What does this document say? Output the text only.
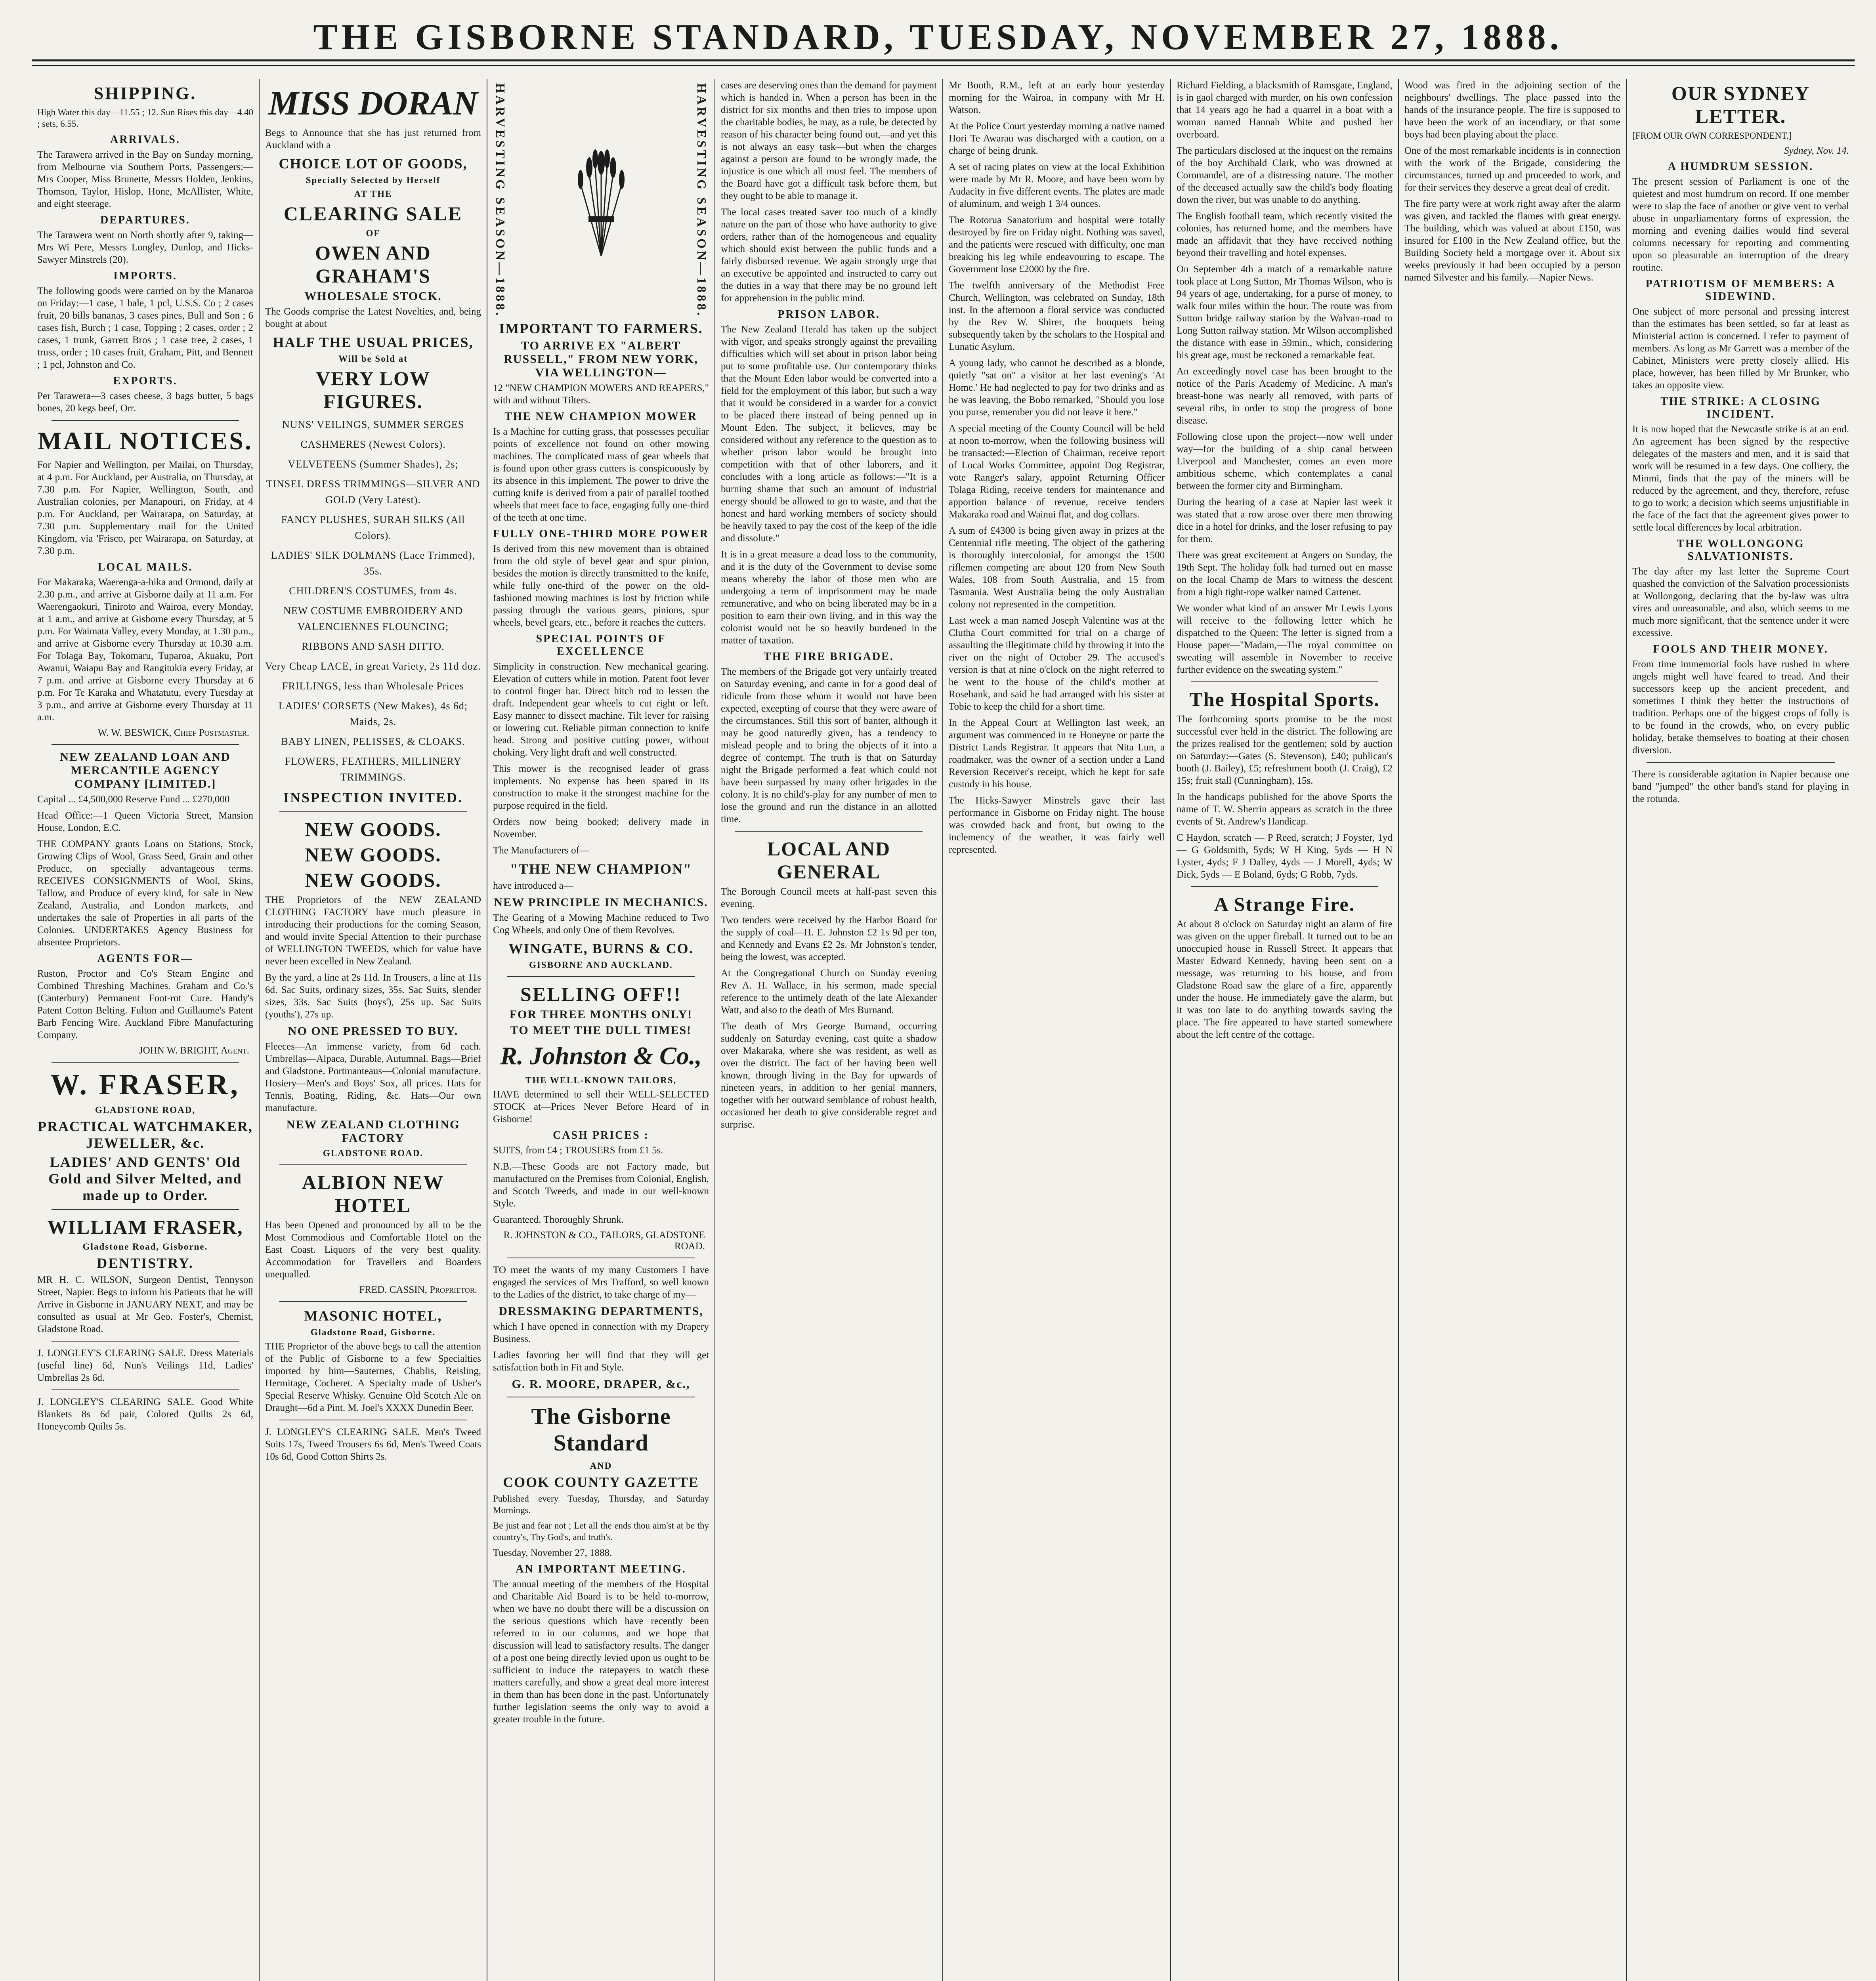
THE GISBORNE STANDARD, TUESDAY, NOVEMBER 27, 1888.
SHIPPING.
High Water this day—11.55 ; 12. Sun Rises this day—4.40 ; sets, 6.55.
ARRIVALS.
The Tarawera arrived in the Bay on Sunday morning, from Melbourne via Southern Ports. Passengers:—Mrs Cooper, Miss Brunette, Messrs Holden, Jenkins, Thomson, Taylor, Hislop, Hone, McAllister, White, and eight steerage.
DEPARTURES.
The Tarawera went on North shortly after 9, taking—Mrs Wi Pere, Messrs Longley, Dunlop, and Hicks-Sawyer Minstrels (20).
IMPORTS.
The following goods were carried on by the Manaroa on Friday:—1 case, 1 bale, 1 pcl, U.S.S. Co ; 2 cases fruit, 20 bills bananas, 3 cases pines, Bull and Son ; 6 cases fish, Burch ; 1 case, Topping ; 2 cases, order ; 2 cases, 1 trunk, Garrett Bros ; 1 case tree, 2 cases, 1 truss, order ; 10 cases fruit, Graham, Pitt, and Bennett ; 1 pcl, Johnston and Co.
EXPORTS.
Per Tarawera—3 cases cheese, 3 bags butter, 5 bags bones, 20 kegs beef, Orr.
MAIL NOTICES.
For Napier and Wellington, per Mailai, on Thursday, at 4 p.m. For Auckland, per Australia, on Thursday, at 7.30 p.m. For Napier, Wellington, South, and Australian colonies, per Manapouri, on Friday, at 4 p.m. For Auckland, per Wairarapa, on Saturday, at 7.30 p.m. Supplementary mail for the United Kingdom, via 'Frisco, per Wairarapa, on Saturday, at 7.30 p.m.
LOCAL MAILS.
For Makaraka, Waerenga-a-hika and Ormond, daily at 2.30 p.m., and arrive at Gisborne daily at 11 a.m. For Waerengaokuri, Tiniroto and Wairoa, every Monday, at 1 a.m., and arrive at Gisborne every Thursday, at 5 p.m. For Waimata Valley, every Monday, at 1.30 p.m., and arrive at Gisborne every Thursday at 10.30 a.m. For Tolaga Bay, Tokomaru, Tuparoa, Akuaku, Port Awanui, Waiapu Bay and Rangitukia every Friday, at 7 p.m. and arrive at Gisborne every Thursday at 6 p.m. For Te Karaka and Whatatutu, every Tuesday at 3 p.m., and arrive at Gisborne every Thursday at 11 a.m.
W. W. BESWICK, Chief Postmaster.
NEW ZEALAND LOAN AND MERCANTILE AGENCY COMPANY [LIMITED.]
Capital ... £4,500,000 Reserve Fund ... £270,000
Head Office:—1 Queen Victoria Street, Mansion House, London, E.C.
THE COMPANY grants Loans on Stations, Stock, Growing Clips of Wool, Grass Seed, Grain and other Produce, on specially advantageous terms. RECEIVES CONSIGNMENTS of Wool, Skins, Tallow, and Produce of every kind, for sale in New Zealand, Australia, and London markets, and undertakes the sale of Properties in all parts of the Colonies. UNDERTAKES Agency Business for absentee Proprietors.
AGENTS FOR—
Ruston, Proctor and Co's Steam Engine and Combined Threshing Machines. Graham and Co.'s (Canterbury) Permanent Foot-rot Cure. Handy's Patent Cotton Belting. Fulton and Guillaume's Patent Barb Fencing Wire. Auckland Fibre Manufacturing Company.
JOHN W. BRIGHT, Agent.
W. FRASER,
GLADSTONE ROAD,
PRACTICAL WATCHMAKER, JEWELLER, &c.
LADIES' AND GENTS' Old Gold and Silver Melted, and made up to Order.
WILLIAM FRASER,
Gladstone Road, Gisborne.
DENTISTRY.
MR H. C. WILSON, Surgeon Dentist, Tennyson Street, Napier. Begs to inform his Patients that he will Arrive in Gisborne in JANUARY NEXT, and may be consulted as usual at Mr Geo. Foster's, Chemist, Gladstone Road.
J. LONGLEY'S CLEARING SALE. Dress Materials (useful line) 6d, Nun's Veilings 11d, Ladies' Umbrellas 2s 6d.
J. LONGLEY'S CLEARING SALE. Good White Blankets 8s 6d pair, Colored Quilts 2s 6d, Honeycomb Quilts 5s.
MISS DORAN
Begs to Announce that she has just returned from Auckland with a
CHOICE LOT OF GOODS,
Specially Selected by Herself
AT THE
CLEARING SALE
OF
OWEN AND GRAHAM'S
WHOLESALE STOCK.
The Goods comprise the Latest Novelties, and, being bought at about
HALF THE USUAL PRICES,
Will be Sold at
VERY LOW FIGURES.
NUNS' VEILINGS, SUMMER SERGES
CASHMERES (Newest Colors).
VELVETEENS (Summer Shades), 2s;
TINSEL DRESS TRIMMINGS—SILVER AND GOLD (Very Latest).
FANCY PLUSHES, SURAH SILKS (All Colors).
LADIES' SILK DOLMANS (Lace Trimmed), 35s.
CHILDREN'S COSTUMES, from 4s.
NEW COSTUME EMBROIDERY AND VALENCIENNES FLOUNCING;
RIBBONS AND SASH DITTO.
Very Cheap LACE, in great Variety, 2s 11d doz.
FRILLINGS, less than Wholesale Prices
LADIES' CORSETS (New Makes), 4s 6d; Maids, 2s.
BABY LINEN, PELISSES, & CLOAKS.
FLOWERS, FEATHERS, MILLINERY TRIMMINGS.
INSPECTION INVITED.
NEW GOODS.
NEW GOODS.
NEW GOODS.
THE Proprietors of the NEW ZEALAND CLOTHING FACTORY have much pleasure in introducing their productions for the coming Season, and would invite Special Attention to their purchase of WELLINGTON TWEEDS, which for value have never been excelled in New Zealand.
By the yard, a line at 2s 11d. In Trousers, a line at 11s 6d. Sac Suits, ordinary sizes, 35s. Sac Suits, slender sizes, 33s. Sac Suits (boys'), 25s up. Sac Suits (youths'), 27s up.
NO ONE PRESSED TO BUY.
Fleeces—An immense variety, from 6d each. Umbrellas—Alpaca, Durable, Autumnal. Bags—Brief and Gladstone. Portmanteaus—Colonial manufacture. Hosiery—Men's and Boys' Sox, all prices. Hats for Tennis, Boating, Riding, &c. Hats—Our own manufacture.
NEW ZEALAND CLOTHING FACTORY
GLADSTONE ROAD.
ALBION NEW HOTEL
Has been Opened and pronounced by all to be the Most Commodious and Comfortable Hotel on the East Coast. Liquors of the very best quality. Accommodation for Travellers and Boarders unequalled.
FRED. CASSIN, Proprietor.
MASONIC HOTEL,
Gladstone Road, Gisborne.
THE Proprietor of the above begs to call the attention of the Public of Gisborne to a few Specialties imported by him—Sauternes, Chablis, Reisling, Hermitage, Cocheret. A Specialty made of Usher's Special Reserve Whisky. Genuine Old Scotch Ale on Draught—6d a Pint. M. Joel's XXXX Dunedin Beer.
J. LONGLEY'S CLEARING SALE. Men's Tweed Suits 17s, Tweed Trousers 6s 6d, Men's Tweed Coats 10s 6d, Good Cotton Shirts 2s.
HARVESTING SEASON—1888.	HARVESTING SEASON—1888.
IMPORTANT TO FARMERS.
TO ARRIVE EX "ALBERT RUSSELL," FROM NEW YORK, VIA WELLINGTON—
12 "NEW CHAMPION MOWERS AND REAPERS," with and without Tilters.
THE NEW CHAMPION MOWER
Is a Machine for cutting grass, that possesses peculiar points of excellence not found on other mowing machines. The complicated mass of gear wheels that is found upon other grass cutters is conspicuously by its absence in this implement. The power to drive the cutting knife is derived from a pair of parallel toothed wheels that meet face to face, engaging fully one-third of the teeth at one time.
FULLY ONE-THIRD MORE POWER
Is derived from this new movement than is obtained from the old style of bevel gear and spur pinion, besides the motion is directly transmitted to the knife, while fully one-third of the power on the old-fashioned mowing machines is lost by friction while passing through the various gears, pinions, spur wheels, bevel gears, etc., before it reaches the cutters.
SPECIAL POINTS OF EXCELLENCE
Simplicity in construction. New mechanical gearing. Elevation of cutters while in motion. Patent foot lever to control finger bar. Direct hitch rod to lessen the draft. Independent gear wheels to cut right or left. Easy manner to dissect machine. Tilt lever for raising or lowering cut. Reliable pitman connection to knife head. Strong and positive cutting power, without choking. Very light draft and well constructed.
This mower is the recognised leader of grass implements. No expense has been spared in its construction to make it the strongest machine for the purpose required in the field.
Orders now being booked; delivery made in November.
The Manufacturers of—
"THE NEW CHAMPION"
have introduced a—
NEW PRINCIPLE IN MECHANICS.
The Gearing of a Mowing Machine reduced to Two Cog Wheels, and only One of them Revolves.
WINGATE, BURNS & CO.
GISBORNE AND AUCKLAND.
SELLING OFF!!
FOR THREE MONTHS ONLY!
TO MEET THE DULL TIMES!
R. Johnston & Co.,
THE WELL-KNOWN TAILORS,
HAVE determined to sell their WELL-SELECTED STOCK at—Prices Never Before Heard of in Gisborne!
CASH PRICES :
SUITS, from £4 ; TROUSERS from £1 5s.
N.B.—These Goods are not Factory made, but manufactured on the Premises from Colonial, English, and Scotch Tweeds, and made in our well-known Style.
Guaranteed. Thoroughly Shrunk.
R. JOHNSTON & CO., TAILORS, GLADSTONE ROAD.
TO meet the wants of my many Customers I have engaged the services of Mrs Trafford, so well known to the Ladies of the district, to take charge of my—
DRESSMAKING DEPARTMENTS,
which I have opened in connection with my Drapery Business.
Ladies favoring her will find that they will get satisfaction both in Fit and Style.
G. R. MOORE, DRAPER, &c.,
The Gisborne Standard
AND
COOK COUNTY GAZETTE
Published every Tuesday, Thursday, and Saturday Mornings.
Be just and fear not ; Let all the ends thou aim'st at be thy country's, Thy God's, and truth's.
Tuesday, November 27, 1888.
AN IMPORTANT MEETING.
The annual meeting of the members of the Hospital and Charitable Aid Board is to be held to-morrow, when we have no doubt there will be a discussion on the serious questions which have recently been referred to in our columns, and we hope that discussion will lead to satisfactory results. The danger of a post one being directly levied upon us ought to be sufficient to induce the ratepayers to watch these matters carefully, and show a great deal more interest in them than has been done in the past. Unfortunately further legislation seems the only way to avoid a greater trouble in the future.
cases are deserving ones than the demand for payment which is handed in. When a person has been in the district for six months and then tries to impose upon the charitable bodies, he may, as a rule, be detected by reason of his character being found out,—and yet this is not always an easy task—but when the charges against a person are found to be wrongly made, the injustice is one which all must feel. The members of the Board have got a difficult task before them, but they ought to be able to manage it.
The local cases treated saver too much of a kindly nature on the part of those who have authority to give orders, rather than of the homogeneous and equality which should exist between the public funds and a fairly disbursed revenue. We again strongly urge that an executive be appointed and instructed to carry out the duties in a way that there may be no ground left for apprehension in the public mind.
PRISON LABOR.
The New Zealand Herald has taken up the subject with vigor, and speaks strongly against the prevailing difficulties which will set about in prison labor being put to some profitable use. Our contemporary thinks that the Mount Eden labor would be converted into a field for the employment of this labor, but such a way that it would be considered in a warder for a convict to be placed there instead of being penned up in Mount Eden. The subject, it believes, may be considered without any reference to the question as to whether prison labor would be brought into competition with that of other laborers, and it concludes with a long article as follows:—"It is a burning shame that such an amount of industrial energy should be allowed to go to waste, and that the honest and hard working members of society should be heavily taxed to pay the cost of the keep of the idle and dissolute."
It is in a great measure a dead loss to the community, and it is the duty of the Government to devise some means whereby the labor of those men who are undergoing a term of imprisonment may be made remunerative, and who on being liberated may be in a position to earn their own living, and in this way the colonist would not be so heavily burdened in the matter of taxation.
THE FIRE BRIGADE.
The members of the Brigade got very unfairly treated on Saturday evening, and came in for a good deal of ridicule from those whom it would not have been expected, excepting of course that they were aware of the circumstances. Still this sort of banter, although it may be good naturedly given, has a tendency to mislead people and to bring the objects of it into a degree of contempt. The truth is that on Saturday night the Brigade performed a feat which could not have been surpassed by many other brigades in the colony. It is no child's-play for any number of men to lose the ground and run the distance in an allotted time.
LOCAL AND GENERAL
The Borough Council meets at half-past seven this evening.
Two tenders were received by the Harbor Board for the supply of coal—H. E. Johnston £2 1s 9d per ton, and Kennedy and Evans £2 2s. Mr Johnston's tender, being the lowest, was accepted.
At the Congregational Church on Sunday evening Rev A. H. Wallace, in his sermon, made special reference to the untimely death of the late Alexander Watt, and also to the death of Mrs Burnand.
The death of Mrs George Burnand, occurring suddenly on Saturday evening, cast quite a shadow over Makaraka, where she was resident, as well as over the district. The fact of her having been well known, through living in the Bay for upwards of nineteen years, in addition to her genial manners, together with her outward semblance of robust health, occasioned her death to give considerable regret and surprise.
Mr Booth, R.M., left at an early hour yesterday morning for the Wairoa, in company with Mr H. Watson.
At the Police Court yesterday morning a native named Hori Te Awarau was discharged with a caution, on a charge of being drunk.
A set of racing plates on view at the local Exhibition were made by Mr R. Moore, and have been worn by Audacity in five different events. The plates are made of aluminum, and weigh 1 3/4 ounces.
The Rotorua Sanatorium and hospital were totally destroyed by fire on Friday night. Nothing was saved, and the patients were rescued with difficulty, one man breaking his leg while endeavouring to escape. The Government lose £2000 by the fire.
The twelfth anniversary of the Methodist Free Church, Wellington, was celebrated on Sunday, 18th inst. In the afternoon a floral service was conducted by the Rev W. Shirer, the bouquets being subsequently taken by the scholars to the Hospital and Lunatic Asylum.
A young lady, who cannot be described as a blonde, quietly "sat on" a visitor at her last evening's 'At Home.' He had neglected to pay for two drinks and as he was leaving, the Bobo remarked, "Should you lose you purse, remember you did not leave it here."
A special meeting of the County Council will be held at noon to-morrow, when the following business will be transacted:—Election of Chairman, receive report of Local Works Committee, appoint Dog Registrar, vote Ranger's salary, appoint Returning Officer Tolaga Riding, receive tenders for maintenance and apportion balance of revenue, receive tenders Makaraka road and Wainui flat, and dog collars.
A sum of £4300 is being given away in prizes at the Centennial rifle meeting. The object of the gathering is thoroughly intercolonial, for amongst the 1500 riflemen competing are about 120 from New South Wales, 108 from South Australia, and 15 from Tasmania. West Australia being the only Australian colony not represented in the competition.
Last week a man named Joseph Valentine was at the Clutha Court committed for trial on a charge of assaulting the illegitimate child by throwing it into the river on the night of October 29. The accused's version is that at nine o'clock on the night referred to he went to the house of the child's mother at Rosebank, and said he had arranged with his sister at Tobie to keep the child for a short time.
In the Appeal Court at Wellington last week, an argument was commenced in re Honeyne or parte the District Lands Registrar. It appears that Nita Lun, a roadmaker, was the owner of a section under a Land Reversion Receiver's receipt, which he kept for safe custody in his house.
The Hicks-Sawyer Minstrels gave their last performance in Gisborne on Friday night. The house was crowded back and front, but owing to the inclemency of the weather, it was fairly well represented.
Richard Fielding, a blacksmith of Ramsgate, England, is in gaol charged with murder, on his own confession that 14 years ago he had a quarrel in a boat with a woman named Hannah White and pushed her overboard.
The particulars disclosed at the inquest on the remains of the boy Archibald Clark, who was drowned at Coromandel, are of a distressing nature. The mother of the deceased actually saw the child's body floating down the river, but was unable to do anything.
The English football team, which recently visited the colonies, has returned home, and the members have made an affidavit that they have received nothing beyond their travelling and hotel expenses.
On September 4th a match of a remarkable nature took place at Long Sutton, Mr Thomas Wilson, who is 94 years of age, undertaking, for a purse of money, to walk four miles within the hour. The route was from Sutton bridge railway station by the Walvan-road to Long Sutton railway station. Mr Wilson accomplished the distance with ease in 59min., which, considering his great age, must be reckoned a remarkable feat.
An exceedingly novel case has been brought to the notice of the Paris Academy of Medicine. A man's breast-bone was nearly all removed, with parts of several ribs, in order to stop the progress of bone disease.
Following close upon the project—now well under way—for the building of a ship canal between Liverpool and Manchester, comes an even more ambitious scheme, which contemplates a canal between the former city and Birmingham.
During the hearing of a case at Napier last week it was stated that a row arose over there men throwing dice in a hotel for drinks, and the loser refusing to pay for them.
There was great excitement at Angers on Sunday, the 19th Sept. The holiday folk had turned out en masse on the local Champ de Mars to witness the descent from a high tight-rope walker named Cartener.
We wonder what kind of an answer Mr Lewis Lyons will receive to the following letter which he dispatched to the Queen: The letter is signed from a House paper—"Madam,—The royal committee on sweating will assemble in November to receive further evidence on the sweating system."
The Hospital Sports.
The forthcoming sports promise to be the most successful ever held in the district. The following are the prizes realised for the gentlemen; sold by auction on Saturday:—Gates (S. Stevenson), £40; publican's booth (J. Bailey), £5; refreshment booth (J. Craig), £2 15s; fruit stall (Cunningham), 15s.
In the handicaps published for the above Sports the name of T. W. Sherrin appears as scratch in the three events of St. Andrew's Handicap.
C Haydon, scratch — P Reed, scratch; J Foyster, 1yd — G Goldsmith, 5yds; W H King, 5yds — H N Lyster, 4yds; F J Dalley, 4yds — J Morell, 4yds; W Dick, 5yds — E Boland, 6yds; G Robb, 7yds.
A Strange Fire.
At about 8 o'clock on Saturday night an alarm of fire was given on the upper fireball. It turned out to be an unoccupied house in Russell Street. It appears that Master Edward Kennedy, having been sent on a message, was returning to his house, and from Gladstone Road saw the glare of a fire, apparently under the house. He immediately gave the alarm, but it was too late to do anything towards saving the place. The fire appeared to have started somewhere about the left centre of the cottage.
Wood was fired in the adjoining section of the neighbours' dwellings. The place passed into the hands of the insurance people. The fire is supposed to have been the work of an incendiary, or that some boys had been playing about the place.
One of the most remarkable incidents is in connection with the work of the Brigade, considering the circumstances, turned up and proceeded to work, and for their services they deserve a great deal of credit.
The fire party were at work right away after the alarm was given, and tackled the flames with great energy. The building, which was valued at about £150, was insured for £100 in the New Zealand office, but the Building Society held a mortgage over it. About six weeks previously it had been occupied by a person named Silvester and his family.—Napier News.
OUR SYDNEY LETTER.
[FROM OUR OWN CORRESPONDENT.]
Sydney, Nov. 14.
A HUMDRUM SESSION.
The present session of Parliament is one of the quietest and most humdrum on record. If one member were to slap the face of another or give vent to verbal abuse in unparliamentary forms of expression, the morning and evening dailies would find several columns necessary for reporting and commenting upon so pleasurable an interruption of the dreary routine.
PATRIOTISM OF MEMBERS: A SIDEWIND.
One subject of more personal and pressing interest than the estimates has been settled, so far at least as Ministerial action is concerned. I refer to payment of members. As long as Mr Garrett was a member of the Cabinet, Ministers were pretty closely allied. His place, however, has been filled by Mr Brunker, who takes an opposite view.
THE STRIKE: A CLOSING INCIDENT.
It is now hoped that the Newcastle strike is at an end. An agreement has been signed by the respective delegates of the masters and men, and it is said that work will be resumed in a few days. One colliery, the Minmi, finds that the pay of the miners will be reduced by the agreement, and they, therefore, refuse to go to work; a decision which seems unjustifiable in the face of the fact that the agreement gives power to settle local differences by local arbitration.
THE WOLLONGONG SALVATIONISTS.
The day after my last letter the Supreme Court quashed the conviction of the Salvation processionists at Wollongong, declaring that the by-law was ultra vires and unreasonable, and also, which seems to me much more significant, that the sentence under it were excessive.
FOOLS AND THEIR MONEY.
From time immemorial fools have rushed in where angels might well have feared to tread. And their successors keep up the ancient precedent, and sometimes I think they better the instructions of tradition. Perhaps one of the biggest crops of folly is to be found in the crowds, who, on every public holiday, betake themselves to boating at their chosen diversion.
There is considerable agitation in Napier because one band "jumped" the other band's stand for playing in the rotunda.
